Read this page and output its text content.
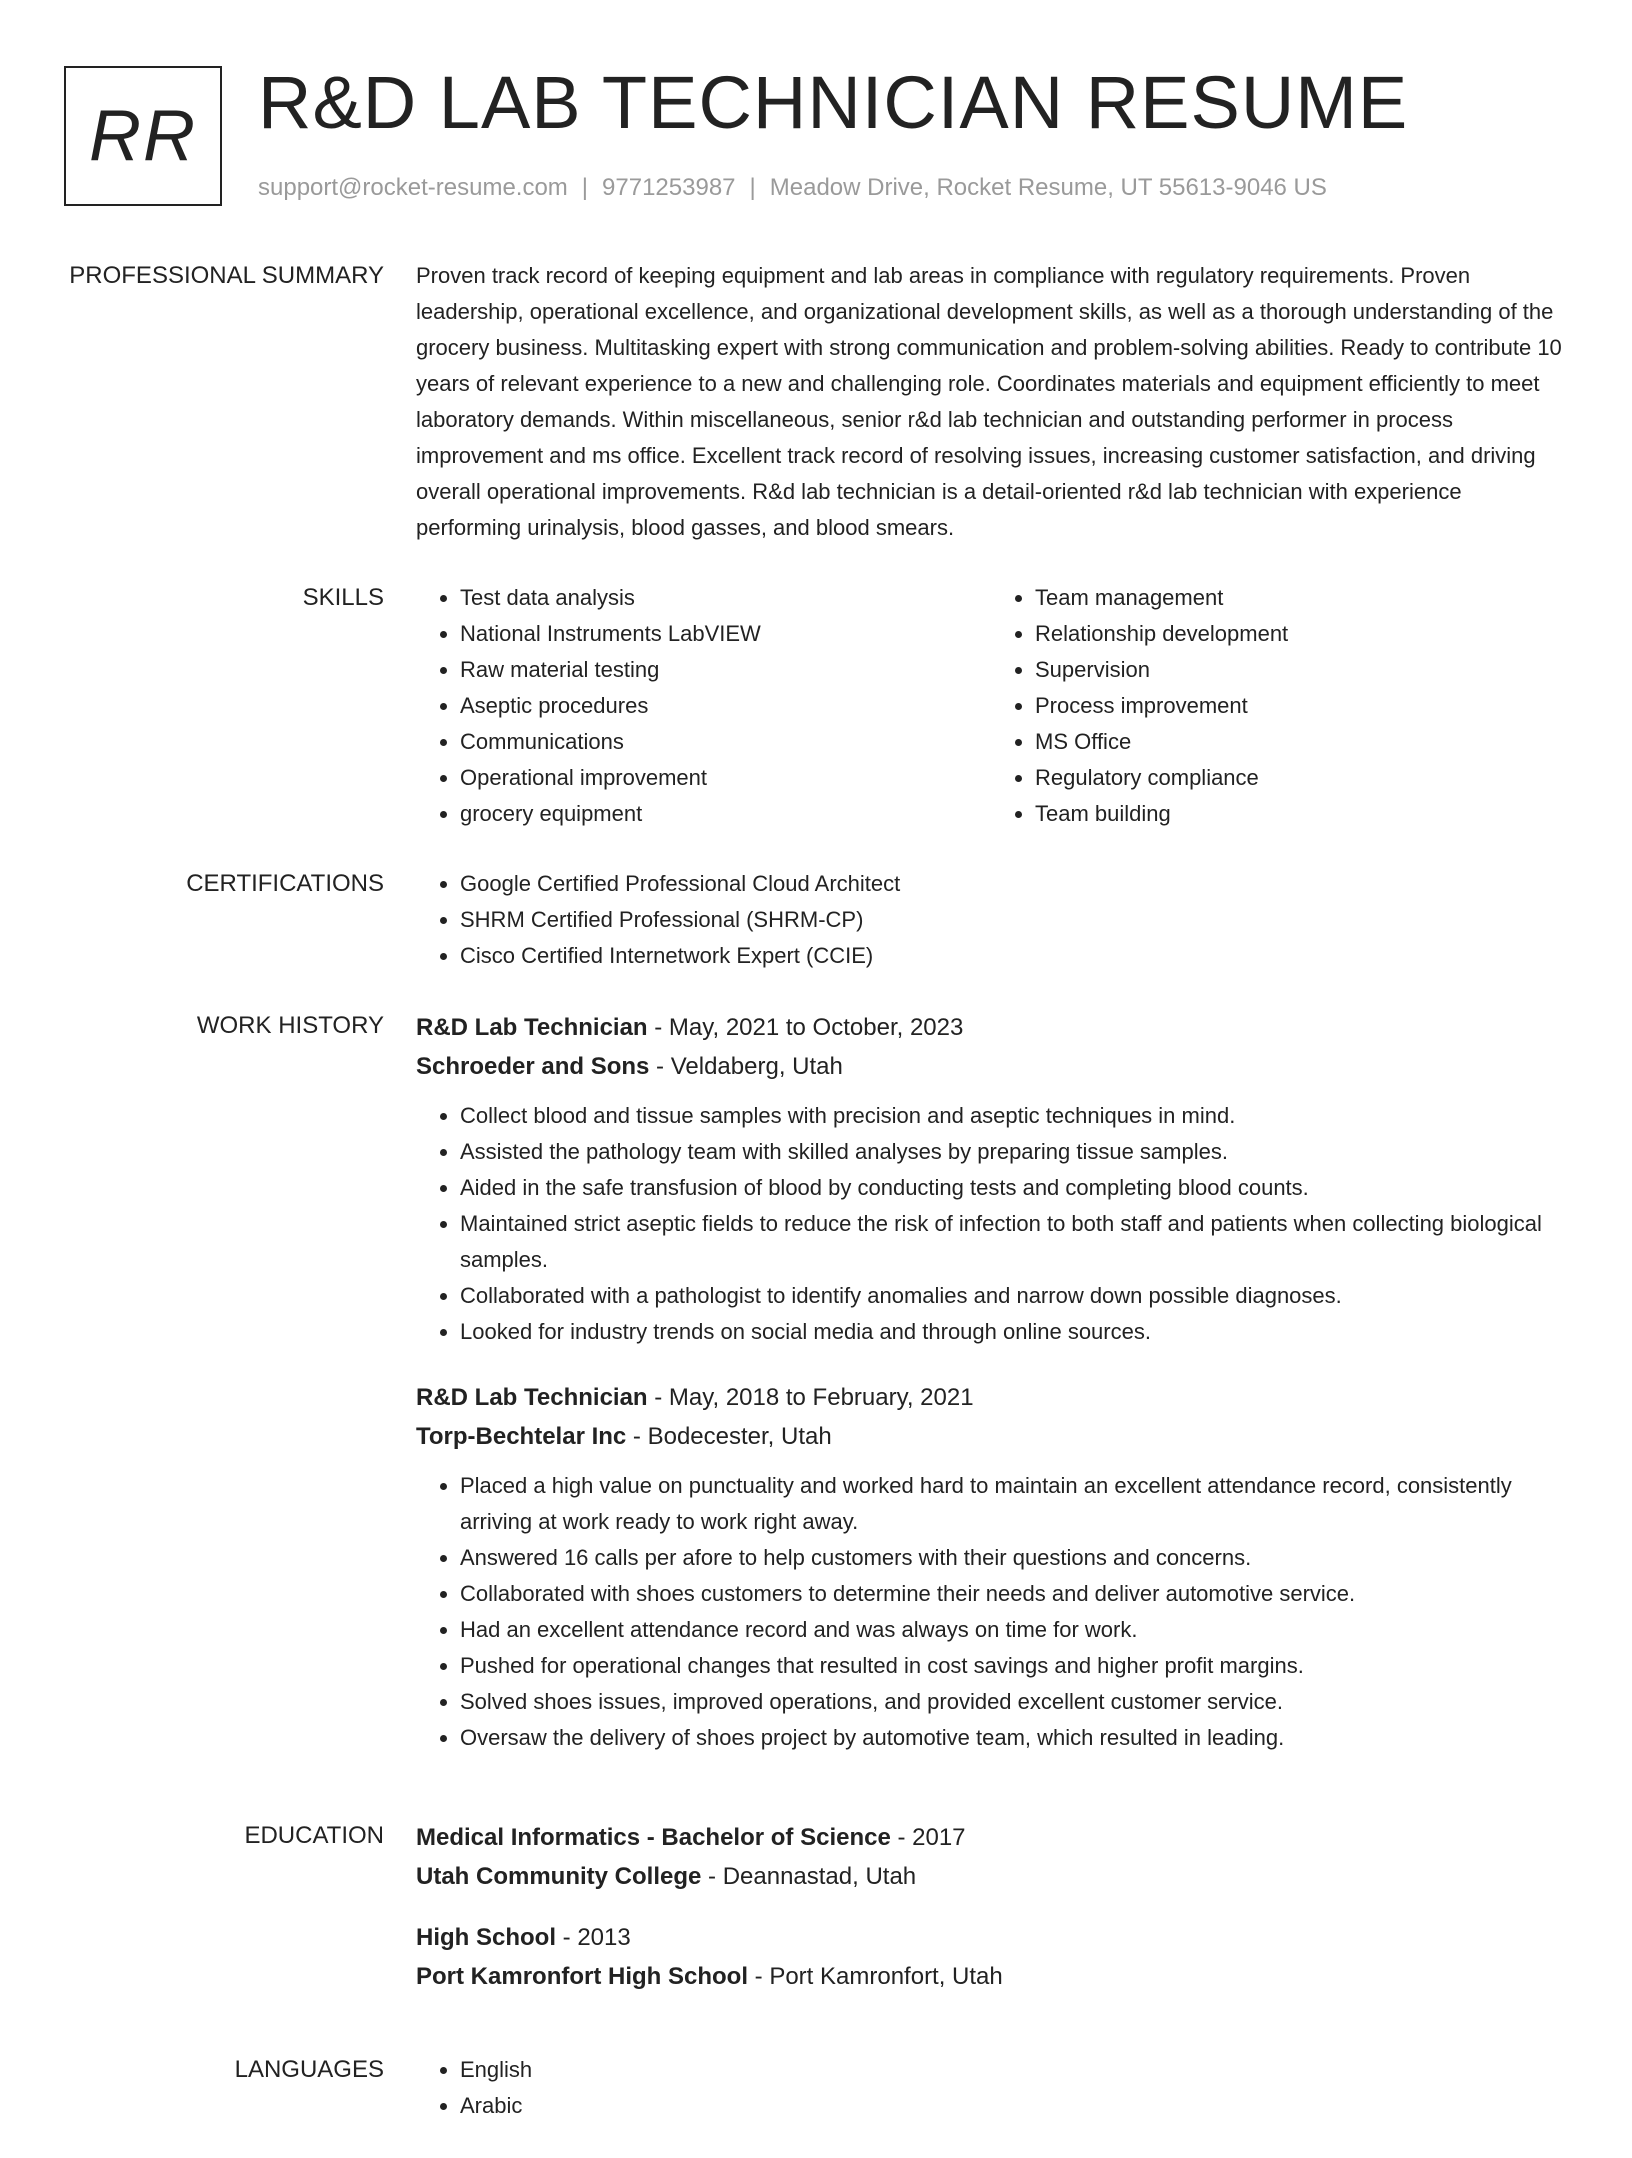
RR R&D LAB TECHNICIAN RESUME
support@rocket-resume.com | 9771253987 | Meadow Drive, Rocket Resume, UT 55613-9046 US
PROFESSIONAL SUMMARY	Proven track record of keeping equipment and lab areas in compliance with regulatory requirements. Proven leadership, operational excellence, and organizational development skills, as well as a thorough understanding of the grocery business. Multitasking expert with strong communication and problem-solving abilities. Ready to contribute 10 years of relevant experience to a new and challenging role. Coordinates materials and equipment efficiently to meet laboratory demands. Within miscellaneous, senior r&d lab technician and outstanding performer in process improvement and ms office. Excellent track record of resolving issues, increasing customer satisfaction, and driving overall operational improvements. R&d lab technician is a detail-oriented r&d lab technician with experience performing urinalysis, blood gasses, and blood smears.

SKILLS	• Test data analysis
• National Instruments LabVIEW
• Raw material testing
• Aseptic procedures
• Communications
• Operational improvement
• grocery equipment
• Team management
• Relationship development
• Supervision
• Process improvement
• MS Office
• Regulatory compliance
• Team building
CERTIFICATIONS	• Google Certified Professional Cloud Architect
• SHRM Certified Professional (SHRM-CP)
• Cisco Certified Internetwork Expert (CCIE)
WORK HISTORY	R&D Lab Technician - May, 2021 to October, 2023
Schroeder and Sons - Veldaberg, Utah
• Collect blood and tissue samples with precision and aseptic techniques in mind.
• Assisted the pathology team with skilled analyses by preparing tissue samples.
• Aided in the safe transfusion of blood by conducting tests and completing blood counts.
• Maintained strict aseptic fields to reduce the risk of infection to both staff and patients when collecting biological samples.
• Collaborated with a pathologist to identify anomalies and narrow down possible diagnoses.
• Looked for industry trends on social media and through online sources.
R&D Lab Technician - May, 2018 to February, 2021
Torp-Bechtelar Inc - Bodecester, Utah
• Placed a high value on punctuality and worked hard to maintain an excellent attendance record, consistently arriving at work ready to work right away.
• Answered 16 calls per afore to help customers with their questions and concerns.
• Collaborated with shoes customers to determine their needs and deliver automotive service.
• Had an excellent attendance record and was always on time for work.
• Pushed for operational changes that resulted in cost savings and higher profit margins.
• Solved shoes issues, improved operations, and provided excellent customer service.
• Oversaw the delivery of shoes project by automotive team, which resulted in leading.
EDUCATION	Medical Informatics - Bachelor of Science - 2017
Utah Community College - Deannastad, Utah
High School - 2013
Port Kamronfort High School - Port Kamronfort, Utah
LANGUAGES	• English
• Arabic
